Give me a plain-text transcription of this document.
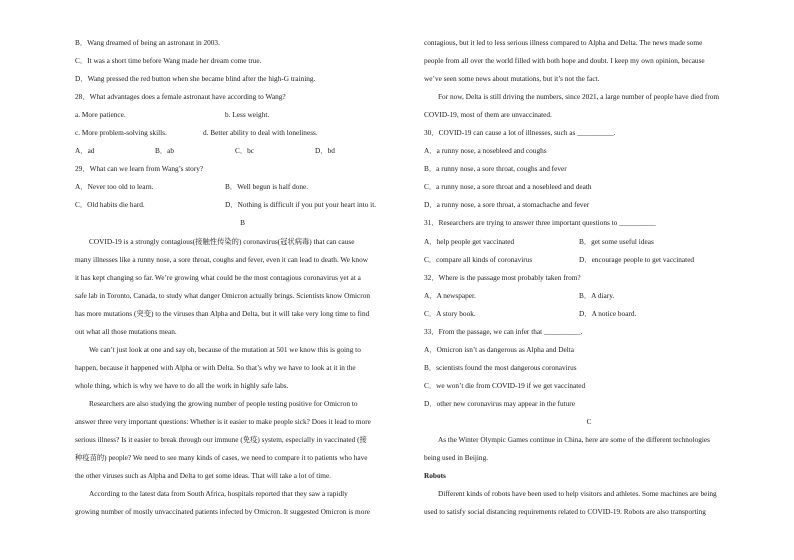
B．Wang dreamed of being an astronaut in 2003.
C．It was a short time before Wang made her dream come true.
D．Wang pressed the red button when she became blind after the high-G training.
28．What advantages does a female astronaut have according to Wang?
a. More patience.	b. Less weight.
c. More problem-solving skills.	d. Better ability to deal with loneliness.
A．ad	B．ab	C．bc	D．bd
29．What can we learn from Wang’s story?
A．Never too old to learn.	B．Well begun is half done.
C．Old habits die hard.	D．Nothing is difficult if you put your heart into it.
B
COVID-19 is a strongly contagious(接触性传染的) coronavirus(冠状病毒) that can cause
many illnesses like a runny nose, a sore throat, coughs and fever, even it can lead to death. We know
it has kept changing so far. We’re growing what could be the most contagious coronavirus yet at a
safe lab in Toronto, Canada, to study what danger Omicron actually brings. Scientists know Omicron
has more mutations (突变) to the viruses than Alpha and Delta, but it will take very long time to find
out what all those mutations mean.
We can’t just look at one and say oh, because of the mutation at 501 we know this is going to
happen, because it happened with Alpha or with Delta. So that’s why we have to look at it in the
whole thing, which is why we have to do all the work in highly safe labs.
Researchers are also studying the growing number of people testing positive for Omicron to
answer three very important questions: Whether is it easier to make people sick? Does it lead to more
serious illness? Is it easier to break through our immune (免疫) system, especially in vaccinated (接
种疫苗的) people? We need to see many kinds of cases, we need to compare it to patients who have
the other viruses such as Alpha and Delta to get some ideas. That will take a lot of time.
According to the latest data from South Africa, hospitals reported that they saw a rapidly
growing number of mostly unvaccinated patients infected by Omicron. It suggested Omicron is more
contagious, but it led to less serious illness compared to Alpha and Delta. The news made some
people from all over the world filled with both hope and doubt. I keep my own opinion, because
we’ve seen some news about mutations, but it’s not the fact.
For now, Delta is still driving the numbers, since 2021, a large number of people have died from
COVID-19, most of them are unvaccinated.
30．COVID-19 can cause a lot of illnesses, such as __________.
A．a runny nose, a nosebleed and coughs
B．a runny nose, a sore throat, coughs and fever
C．a runny nose, a sore throat and a nosebleed and death
D．a runny nose, a sore throat, a stomachache and fever
31．Researchers are trying to answer three important questions to __________
A．help people get vaccinated	B．get some useful ideas
C．compare all kinds of coronavirus	D．encourage people to get vaccinated
32．Where is the passage most probably taken from?
A．A newspaper.	B．A diary.
C．A story book.	D．A notice board.
33．From the passage, we can infer that __________.
A．Omicron isn’t as dangerous as Alpha and Delta
B．scientists found the most dangerous coronavirus
C．we won’t die from COVID-19 if we get vaccinated
D．other new coronavirus may appear in the future
C
As the Winter Olympic Games continue in China, here are some of the different technologies
being used in Beijing.
Robots
Different kinds of robots have been used to help visitors and athletes. Some machines are being
used to satisfy social distancing requirements related to COVID-19. Robots are also transporting
